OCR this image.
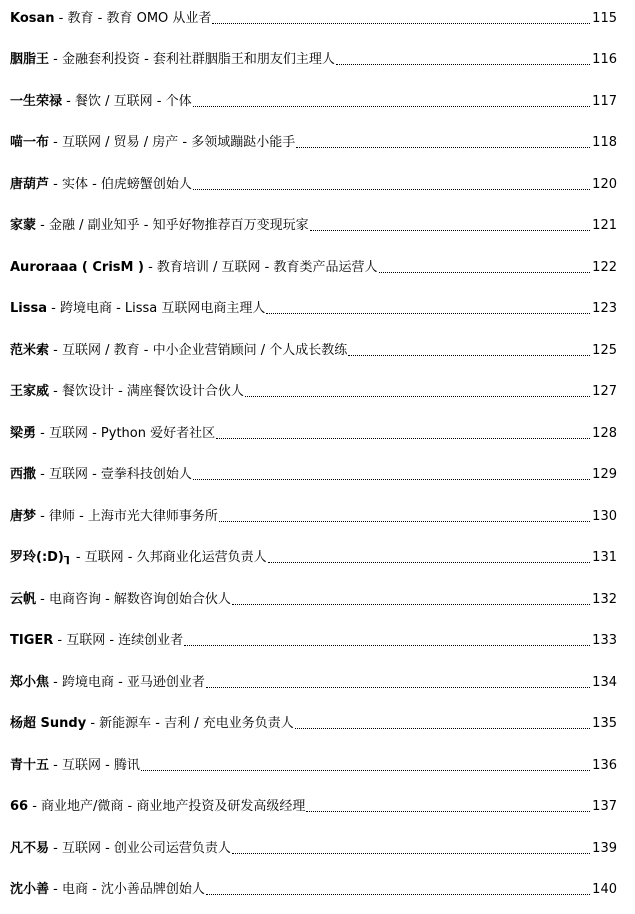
Kosan - 教育 - 教育 OMO 从业者	115
胭脂王 - 金融套利投资 - 套利社群胭脂王和朋友们主理人	116
一生荣禄 - 餐饮 / 互联网 - 个体	117
喵一布 - 互联网 / 贸易 / 房产 - 多领域蹦跶小能手	118
唐葫芦 - 实体 - 伯虎螃蟹创始人	120
家蒙 - 金融 / 副业知乎 - 知乎好物推荐百万变现玩家	121
Auroraaa ( CrisM ) - 教育培训 / 互联网 - 教育类产品运营人	122
Lissa - 跨境电商 - Lissa 互联网电商主理人	123
范米索 - 互联网 / 教育 - 中小企业营销顾问 / 个人成长教练	125
王家威 - 餐饮设计 - 满座餐饮设计合伙人	127
梁勇 - 互联网 - Python 爱好者社区	128
西撒 - 互联网 - 壹拳科技创始人	129
唐梦 - 律师 - 上海市光大律师事务所	130
罗玲(:D)┒ - 互联网 - 久邦商业化运营负责人	131
云帆 - 电商咨询 - 解数咨询创始合伙人	132
TIGER - 互联网 - 连续创业者	133
郑小焦 - 跨境电商 - 亚马逊创业者	134
杨超 Sundy - 新能源车 - 吉利 / 充电业务负责人	135
青十五 - 互联网 - 腾讯	136
66 - 商业地产/微商 - 商业地产投资及研发高级经理	137
凡不易 - 互联网 - 创业公司运营负责人	139
沈小善 - 电商 - 沈小善品牌创始人	140
